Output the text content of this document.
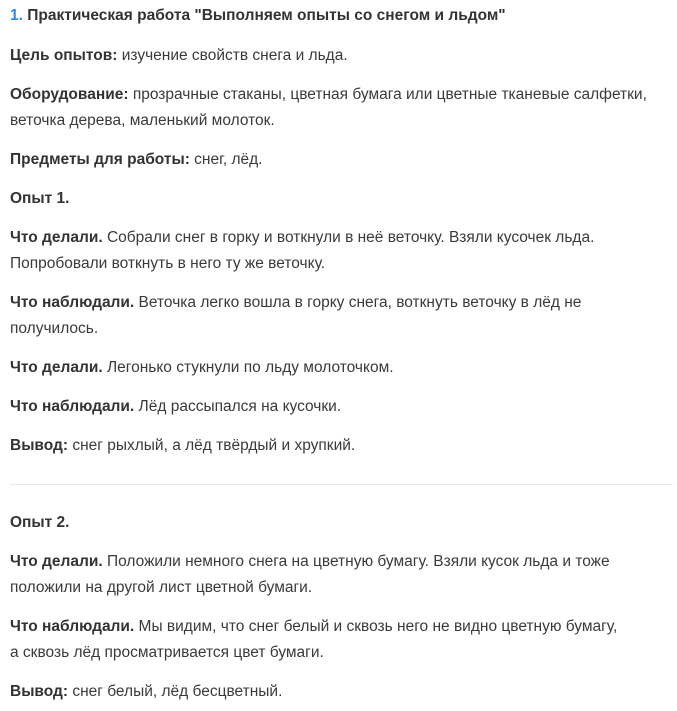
1. Практическая работа "Выполняем опыты со снегом и льдом"

Цель опытов: изучение свойств снега и льда.

Оборудование: прозрачные стаканы, цветная бумага или цветные тканевые салфетки,
веточка дерева, маленький молоток.

Предметы для работы: снег, лёд.

Опыт 1.

Что делали. Собрали снег в горку и воткнули в неё веточку. Взяли кусочек льда.
Попробовали воткнуть в него ту же веточку.

Что наблюдали. Веточка легко вошла в горку снега, воткнуть веточку в лёд не
получилось.

Что делали. Легонько стукнули по льду молоточком.

Что наблюдали. Лёд рассыпался на кусочки.

Вывод: снег рыхлый, а лёд твёрдый и хрупкий.

Опыт 2.

Что делали. Положили немного снега на цветную бумагу. Взяли кусок льда и тоже
положили на другой лист цветной бумаги.

Что наблюдали. Мы видим, что снег белый и сквозь него не видно цветную бумагу,
а сквозь лёд просматривается цвет бумаги.

Вывод: снег белый, лёд бесцветный.
